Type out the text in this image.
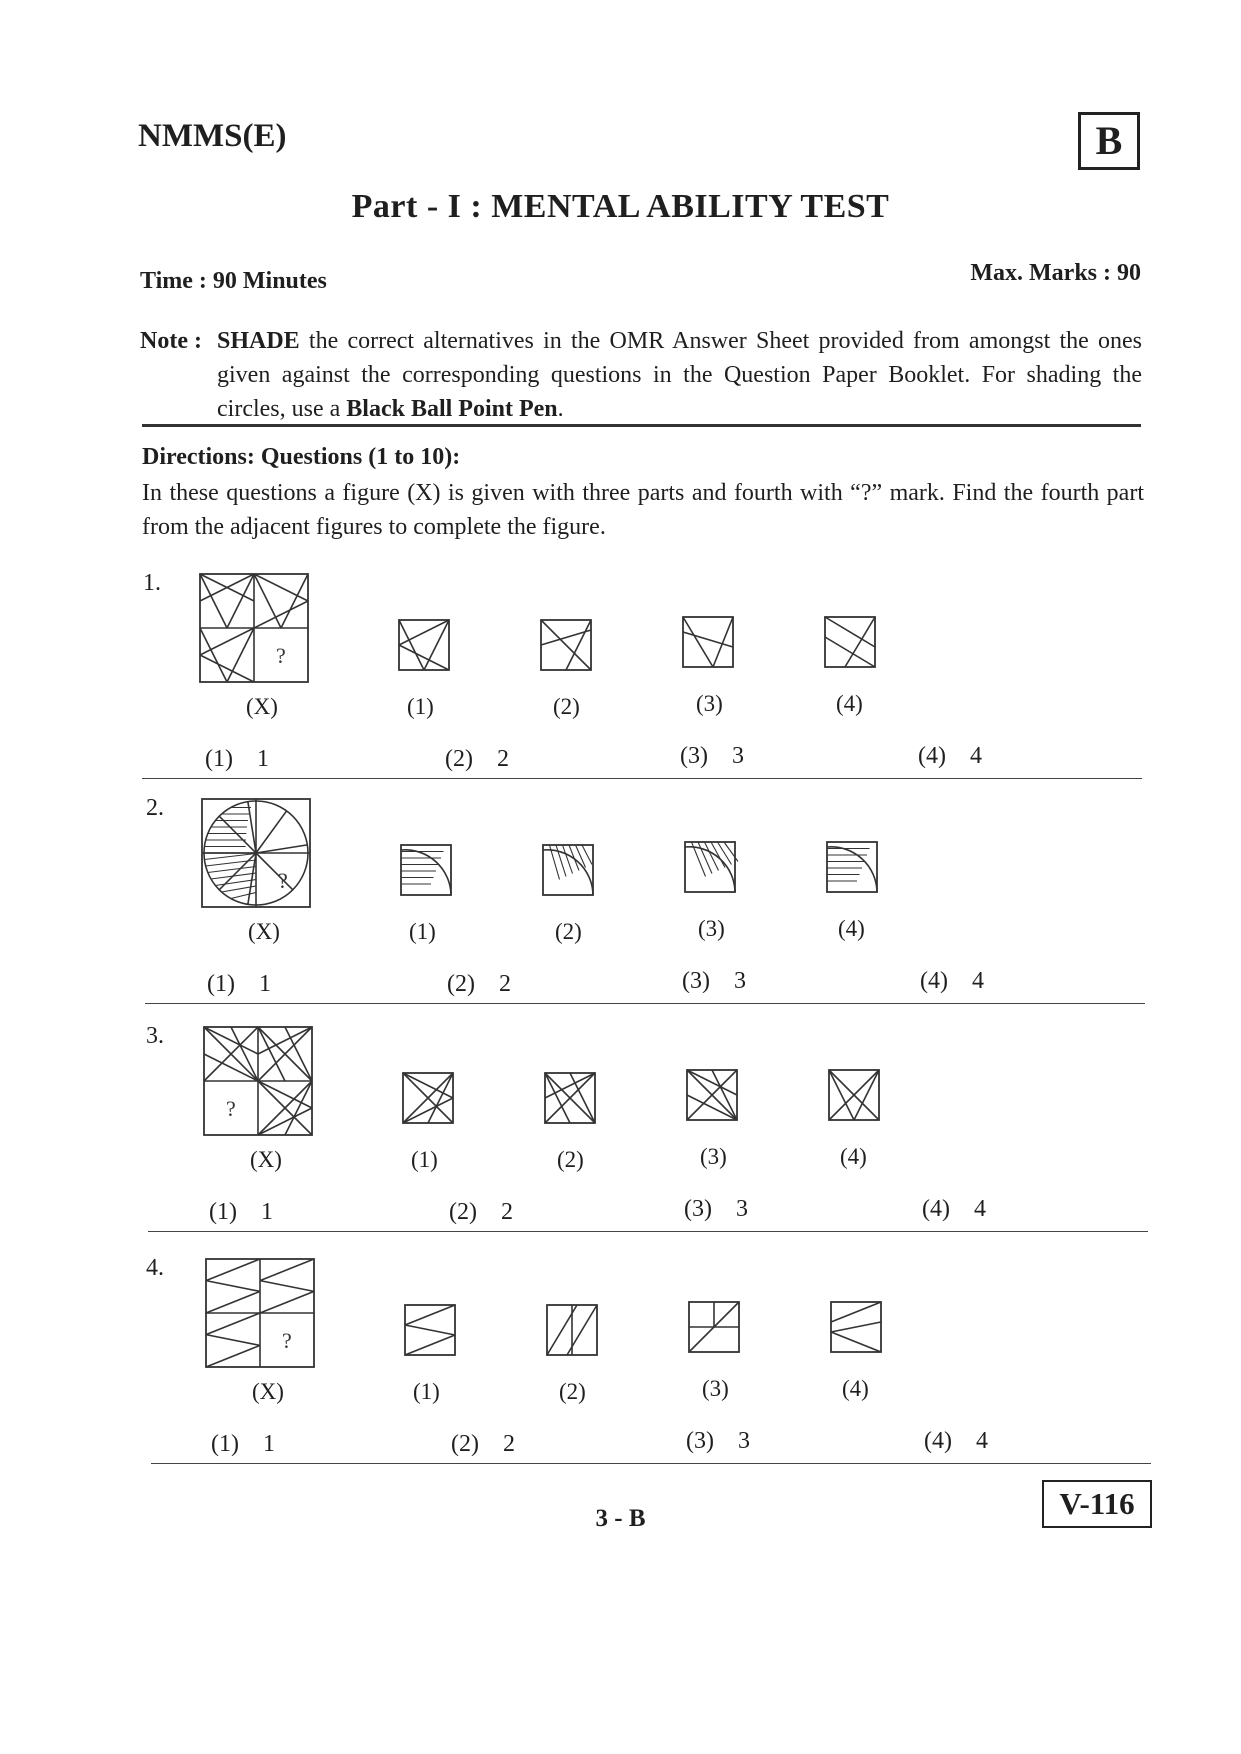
NMMS(E)	B
Part - I : MENTAL ABILITY TEST
Time : 90 Minutes	Max. Marks : 90
Note : SHADE the correct alternatives in the OMR Answer Sheet provided from amongst the ones given against the corresponding questions in the Question Paper Booklet. For shading the circles, use a Black Ball Point Pen.
Directions: Questions (1 to 10):
In these questions a figure (X) is given with three parts and fourth with “?” mark. Find the fourth part from the adjacent figures to complete the figure.
1.
?
(X)	(1)	(2)	(3)	(4)
(1)  1	(2)  2	(3)  3	(4)  4
2.
?
(X)	(1)	(2)	(3)	(4)
(1)  1	(2)  2	(3)  3	(4)  4
3.
?
(X)	(1)	(2)	(3)	(4)
(1)  1	(2)  2	(3)  3	(4)  4
4.
?
(X)	(1)	(2)	(3)	(4)
(1)  1	(2)  2	(3)  3	(4)  4
3 - B	V-116
